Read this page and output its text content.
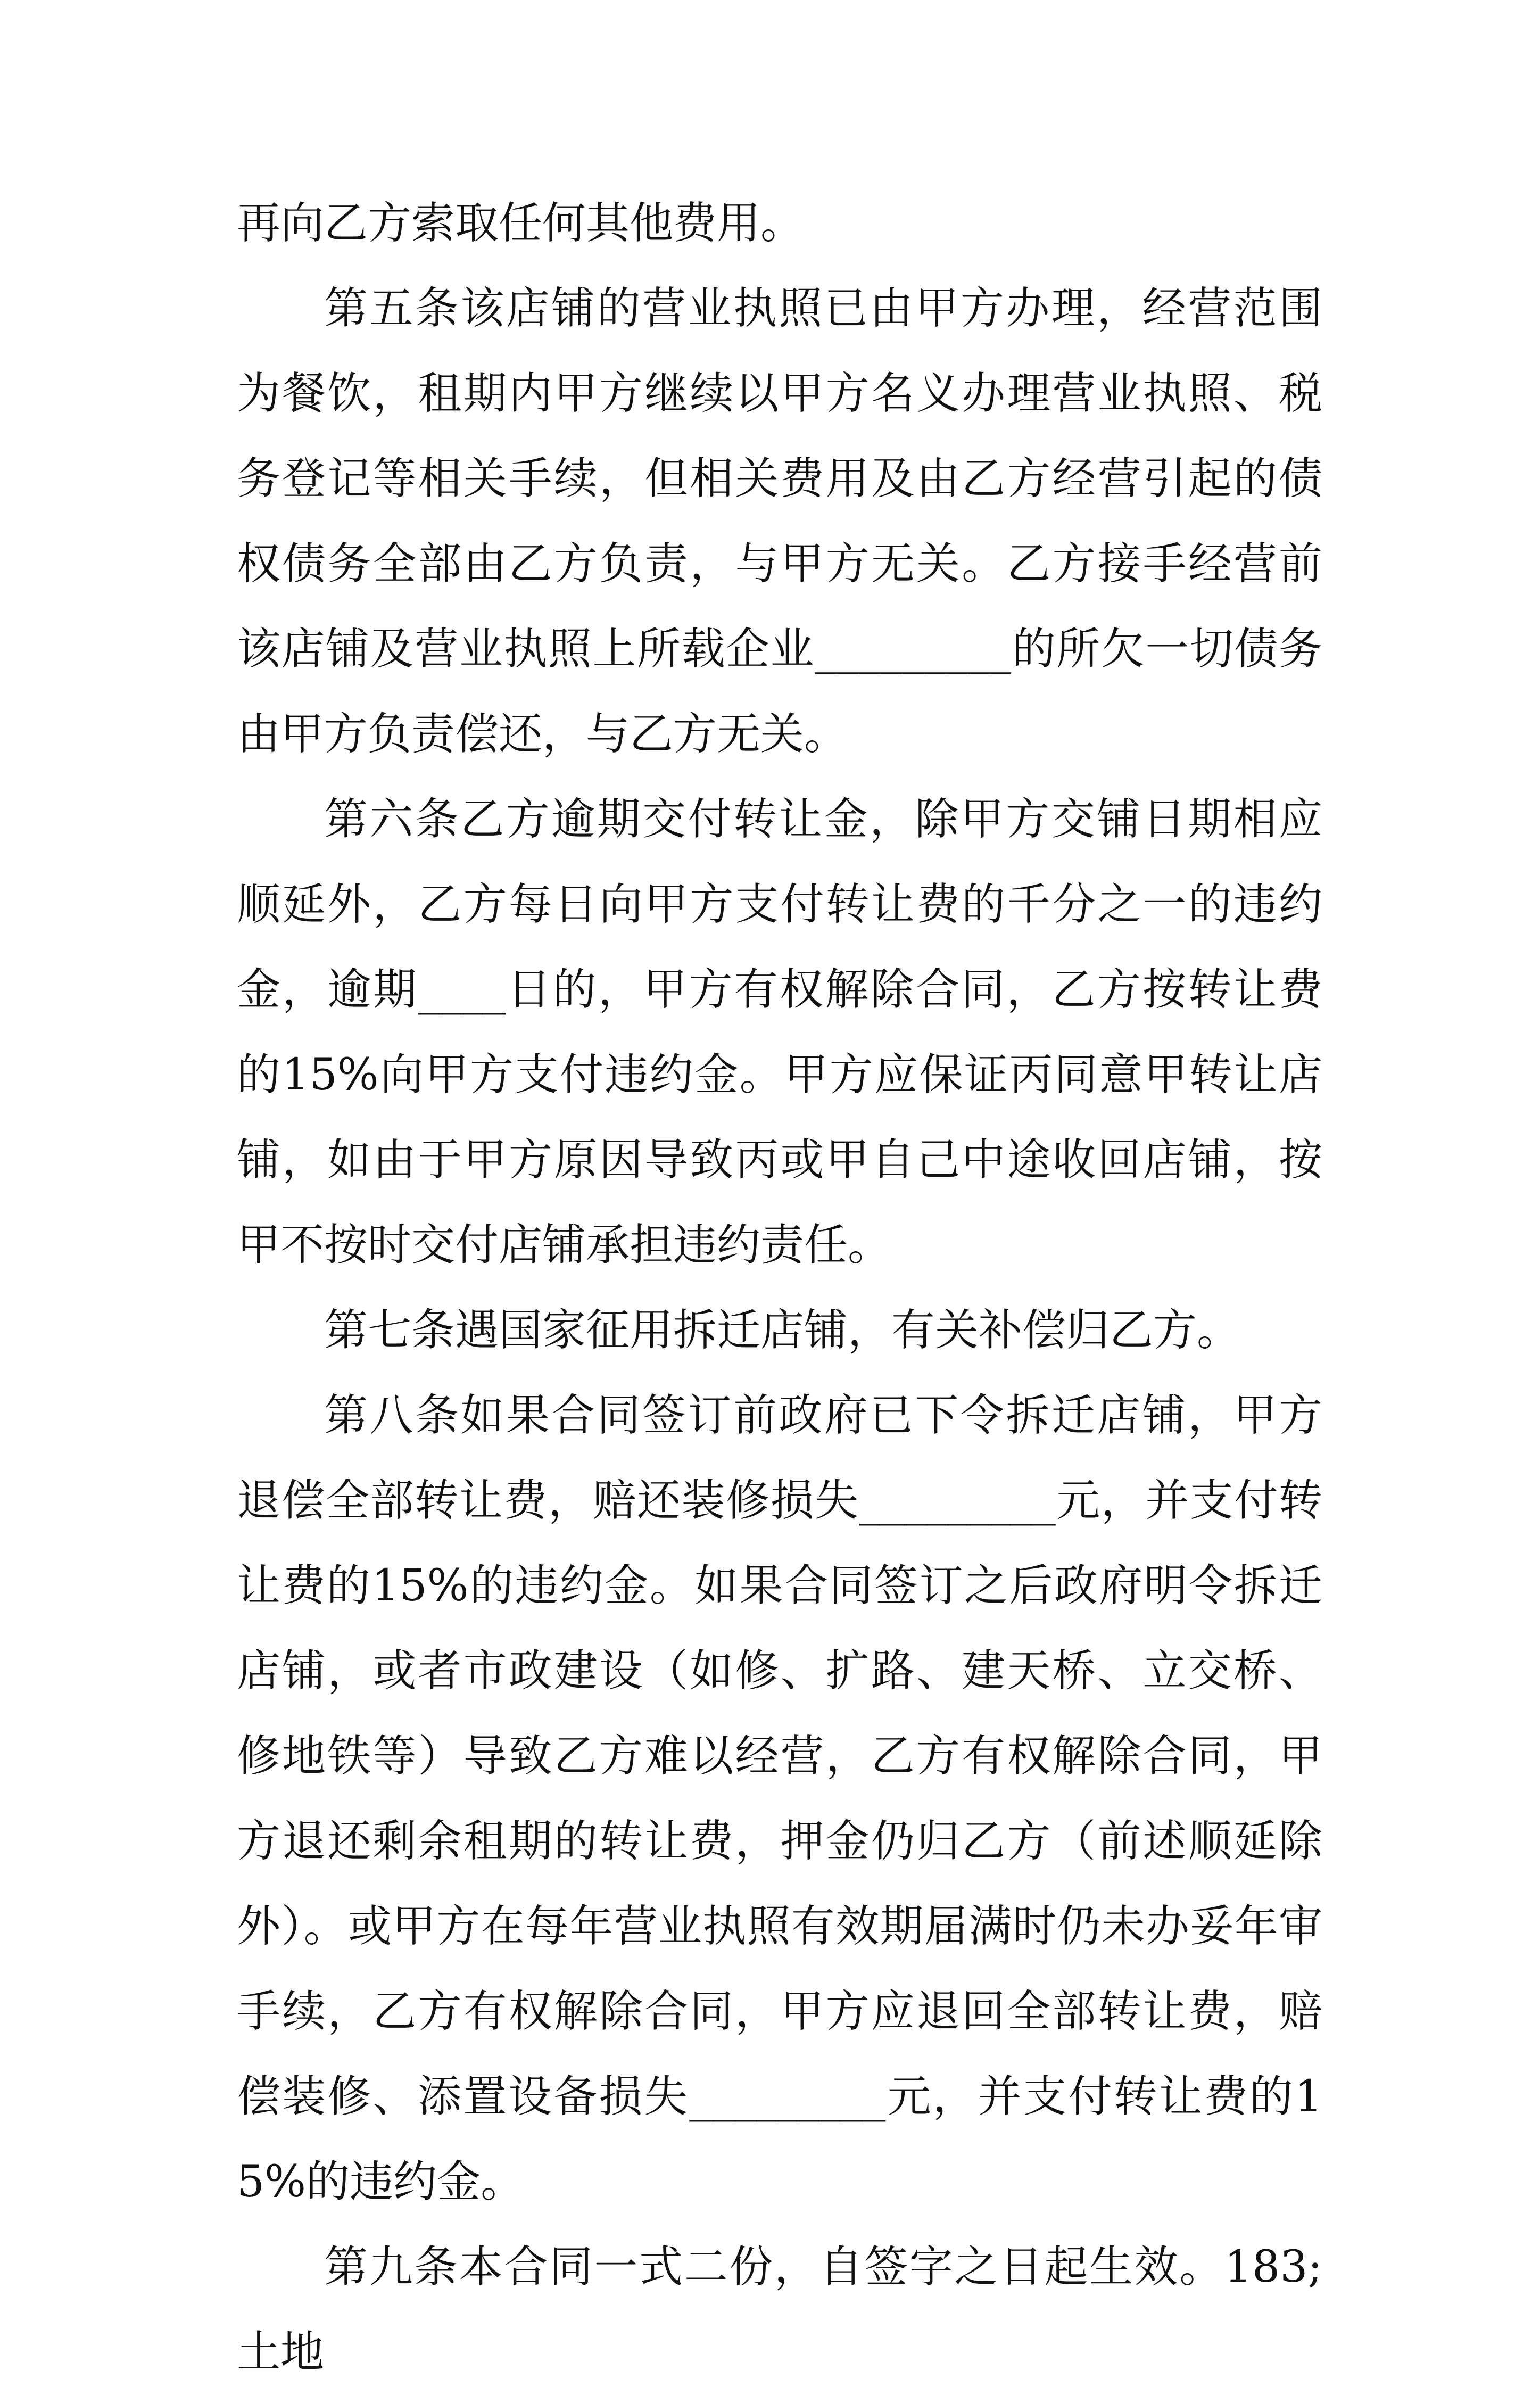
再向乙方索取任何其他费用。

第五条该店铺的营业执照已由甲方办理，经营范围为餐饮，租期内甲方继续以甲方名义办理营业执照、税务登记等相关手续，但相关费用及由乙方经营引起的债权债务全部由乙方负责，与甲方无关。乙方接手经营前该店铺及营业执照上所载企业_________的所欠一切债务由甲方负责偿还，与乙方无关。

第六条乙方逾期交付转让金，除甲方交铺日期相应顺延外，乙方每日向甲方支付转让费的千分之一的违约金，逾期____日的，甲方有权解除合同，乙方按转让费的15%向甲方支付违约金。甲方应保证丙同意甲转让店铺，如由于甲方原因导致丙或甲自己中途收回店铺，按甲不按时交付店铺承担违约责任。

第七条遇国家征用拆迁店铺，有关补偿归乙方。

第八条如果合同签订前政府已下令拆迁店铺，甲方退偿全部转让费，赔还装修损失_________元，并支付转让费的15%的违约金。如果合同签订之后政府明令拆迁店铺，或者市政建设（如修、扩路、建天桥、立交桥、修地铁等）导致乙方难以经营，乙方有权解除合同，甲方退还剩余租期的转让费，押金仍归乙方（前述顺延除外）。或甲方在每年营业执照有效期届满时仍未办妥年审手续，乙方有权解除合同，甲方应退回全部转让费，赔偿装修、添置设备损失_________元，并支付转让费的15%的违约金。

第九条本合同一式二份，自签字之日起生效。183;土地
